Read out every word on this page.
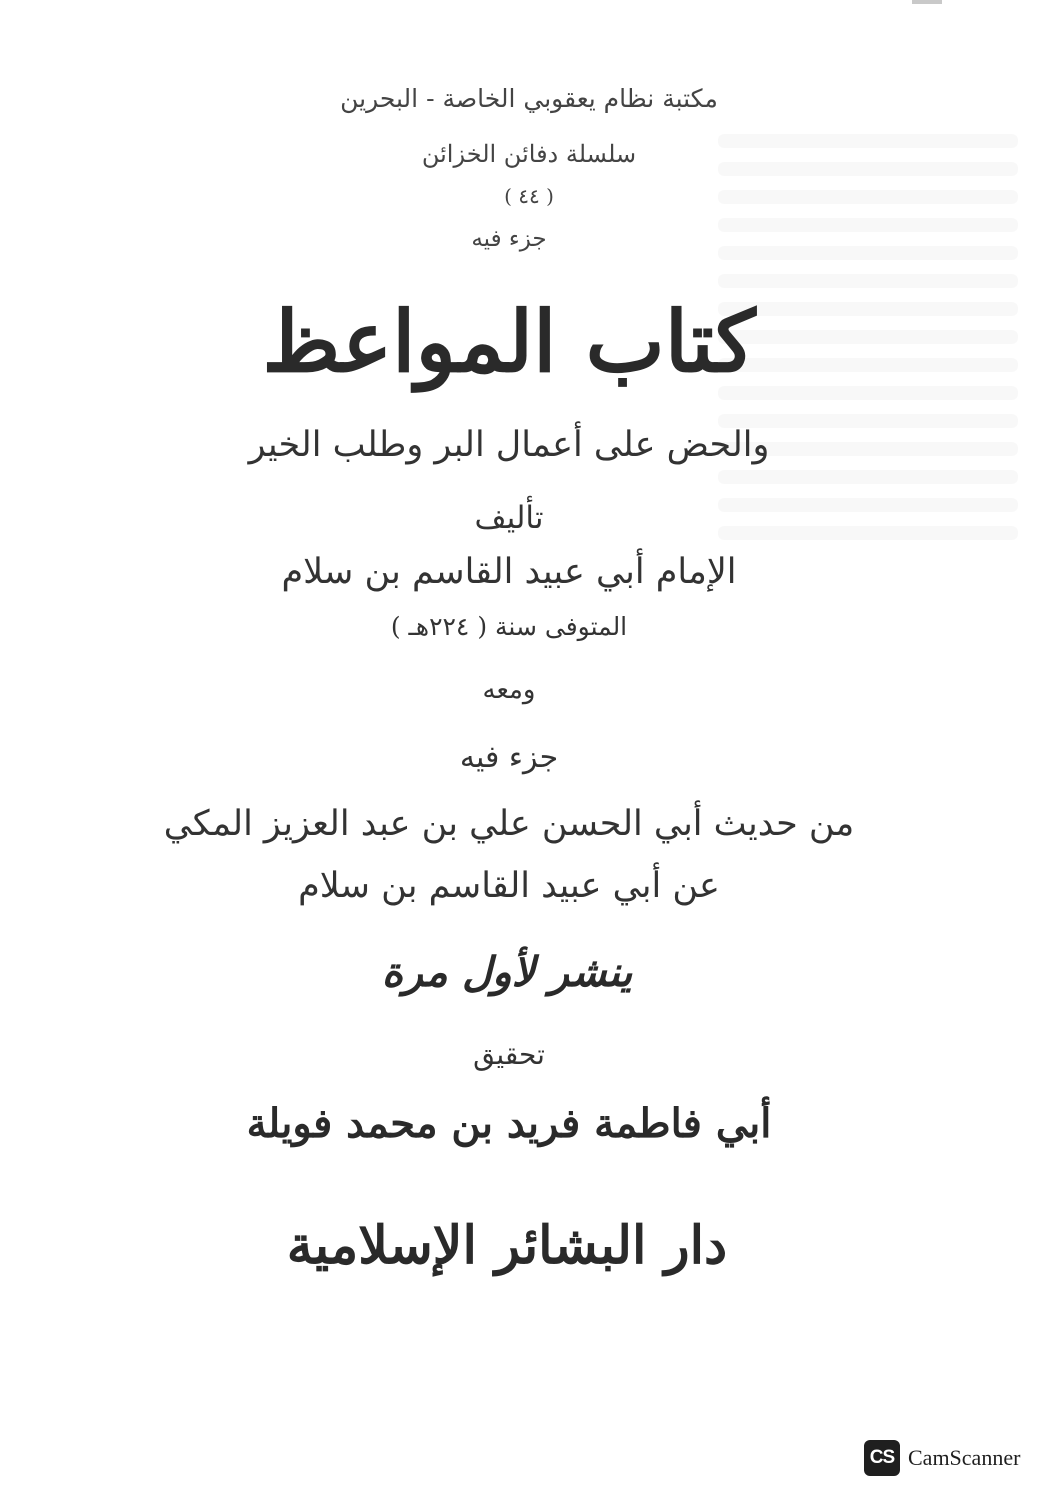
مكتبة نظام يعقوبي الخاصة - البحرين
سلسلة دفائن الخزائن
( ٤٤ )
جزء فيه
كتاب المواعظ
والحض على أعمال البر وطلب الخير
تأليف
الإمام أبي عبيد القاسم بن سلام
المتوفى سنة ( ٢٢٤هـ )
ومعه
جزء فيه
من حديث أبي الحسن علي بن عبد العزيز المكي
عن أبي عبيد القاسم بن سلام
ينشر لأول مرة
تحقيق
أبي فاطمة فريد بن محمد فويلة
دار البشائر الإسلامية
CS CamScanner
